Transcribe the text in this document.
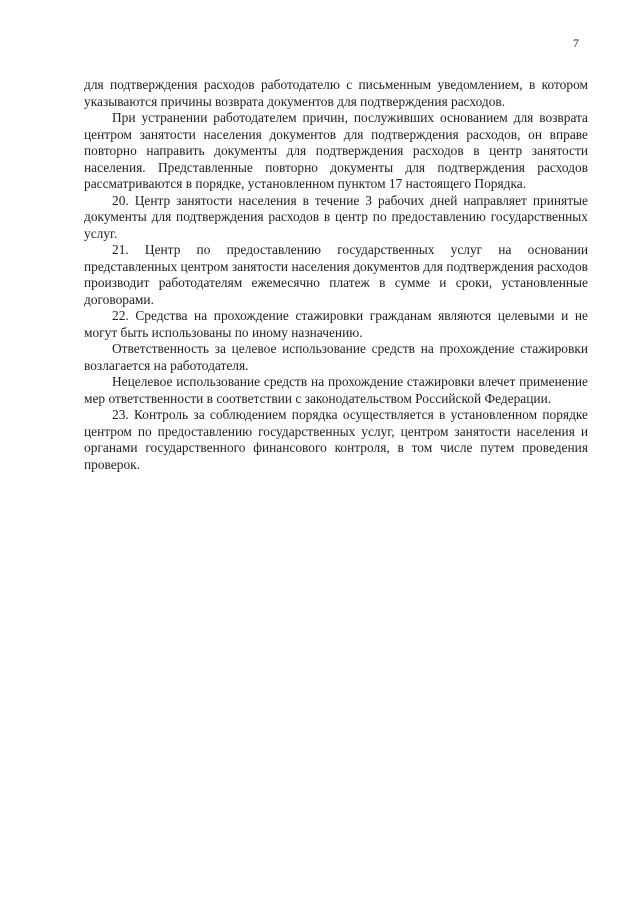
7

для подтверждения расходов работодателю с письменным уведомлением, в котором указываются причины возврата документов для подтверждения расходов.

При устранении работодателем причин, послуживших основанием для возврата центром занятости населения документов для подтверждения расходов, он вправе повторно направить документы для подтверждения расходов в центр занятости населения. Представленные повторно документы для подтверждения расходов рассматриваются в порядке, установленном пунктом 17 настоящего Порядка.

20. Центр занятости населения в течение 3 рабочих дней направляет принятые документы для подтверждения расходов в центр по предоставлению государственных услуг.

21. Центр по предоставлению государственных услуг на основании представленных центром занятости населения документов для подтверждения расходов производит работодателям ежемесячно платеж в сумме и сроки, установленные договорами.

22. Средства на прохождение стажировки гражданам являются целевыми и не могут быть использованы по иному назначению.

Ответственность за целевое использование средств на прохождение стажировки возлагается на работодателя.

Нецелевое использование средств на прохождение стажировки влечет применение мер ответственности в соответствии с законодательством Российской Федерации.

23. Контроль за соблюдением порядка осуществляется в установленном порядке центром по предоставлению государственных услуг, центром занятости населения и органами государственного финансового контроля, в том числе путем проведения проверок.
